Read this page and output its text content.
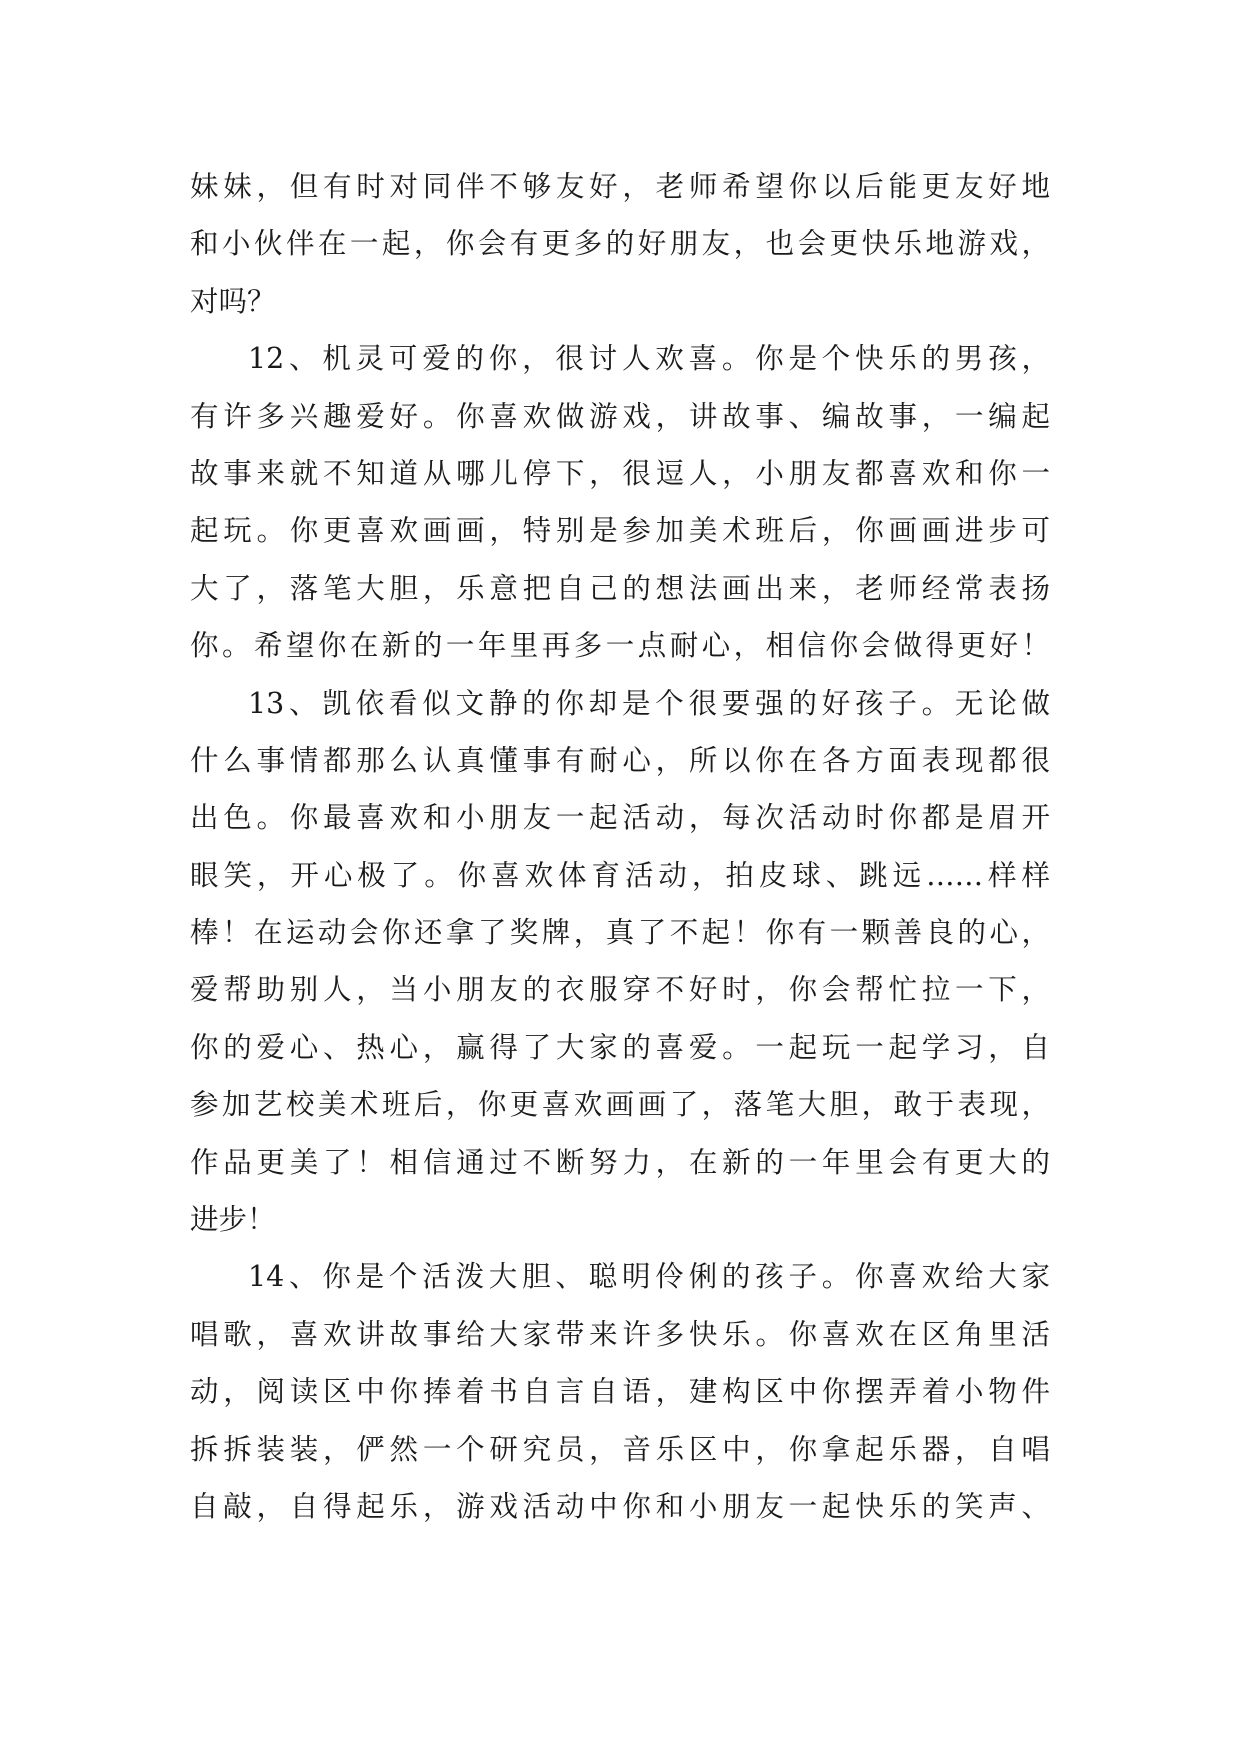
妹妹，但有时对同伴不够友好，老师希望你以后能更友好地
和小伙伴在一起，你会有更多的好朋友，也会更快乐地游戏，
对吗？
12、机灵可爱的你，很讨人欢喜。你是个快乐的男孩，
有许多兴趣爱好。你喜欢做游戏，讲故事、编故事，一编起
故事来就不知道从哪儿停下，很逗人，小朋友都喜欢和你一
起玩。你更喜欢画画，特别是参加美术班后，你画画进步可
大了，落笔大胆，乐意把自己的想法画出来，老师经常表扬
你。希望你在新的一年里再多一点耐心，相信你会做得更好！
13、凯依看似文静的你却是个很要强的好孩子。无论做
什么事情都那么认真懂事有耐心，所以你在各方面表现都很
出色。你最喜欢和小朋友一起活动，每次活动时你都是眉开
眼笑，开心极了。你喜欢体育活动，拍皮球、跳远……样样
棒！在运动会你还拿了奖牌，真了不起！你有一颗善良的心，
爱帮助别人，当小朋友的衣服穿不好时，你会帮忙拉一下，
你的爱心、热心，赢得了大家的喜爱。一起玩一起学习，自
参加艺校美术班后，你更喜欢画画了，落笔大胆，敢于表现，
作品更美了！相信通过不断努力，在新的一年里会有更大的
进步！
14、你是个活泼大胆、聪明伶俐的孩子。你喜欢给大家
唱歌，喜欢讲故事给大家带来许多快乐。你喜欢在区角里活
动，阅读区中你捧着书自言自语，建构区中你摆弄着小物件
拆拆装装，俨然一个研究员，音乐区中，你拿起乐器，自唱
自敲，自得起乐，游戏活动中你和小朋友一起快乐的笑声、
